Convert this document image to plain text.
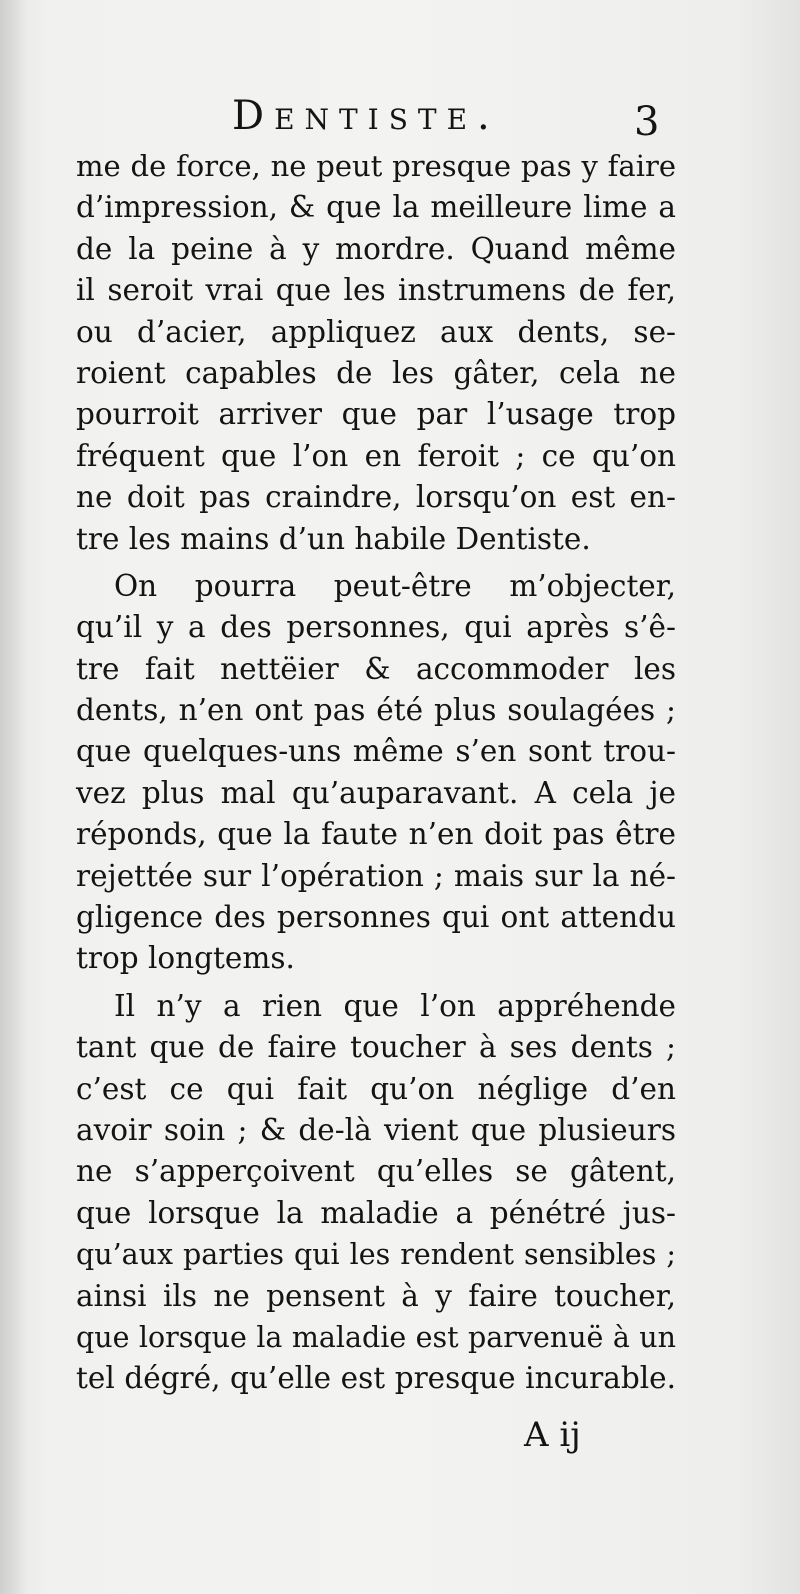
Dentiste.	3
me de force, ne peut presque pas y faire
d’impression, & que la meilleure lime a
de la peine à y mordre. Quand même
il seroit vrai que les instrumens de fer,
ou d’acier, appliquez aux dents, se-
roient capables de les gâter, cela ne
pourroit arriver que par l’usage trop
fréquent que l’on en feroit ; ce qu’on
ne doit pas craindre, lorsqu’on est en-
tre les mains d’un habile Dentiste.
On pourra peut-être m’objecter,
qu’il y a des personnes, qui après s’ê-
tre fait nettëier & accommoder les
dents, n’en ont pas été plus soulagées ;
que quelques-uns même s’en sont trou-
vez plus mal qu’auparavant. A cela je
réponds, que la faute n’en doit pas être
rejettée sur l’opération ; mais sur la né-
gligence des personnes qui ont attendu
trop longtems.
Il n’y a rien que l’on appréhende
tant que de faire toucher à ses dents ;
c’est ce qui fait qu’on néglige d’en
avoir soin ; & de-là vient que plusieurs
ne s’apperçoivent qu’elles se gâtent,
que lorsque la maladie a pénétré jus-
qu’aux parties qui les rendent sensibles ;
ainsi ils ne pensent à y faire toucher,
que lorsque la maladie est parvenuë à un
tel dégré, qu’elle est presque incurable.
A ij
